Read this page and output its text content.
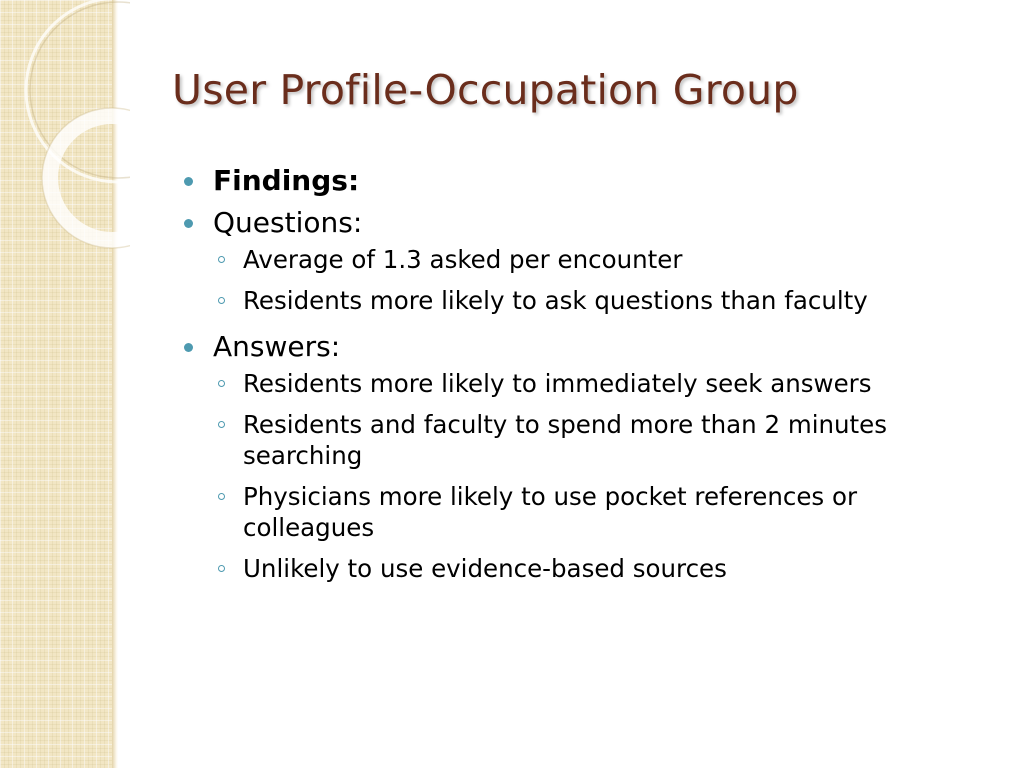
User Profile-Occupation Group
Findings:
Questions:
Average of 1.3 asked per encounter
Residents more likely to ask questions than faculty
Answers:
Residents more likely to immediately seek answers
Residents and faculty to spend more than 2 minutes searching
Physicians more likely to use pocket references or colleagues
Unlikely to use evidence-based sources
